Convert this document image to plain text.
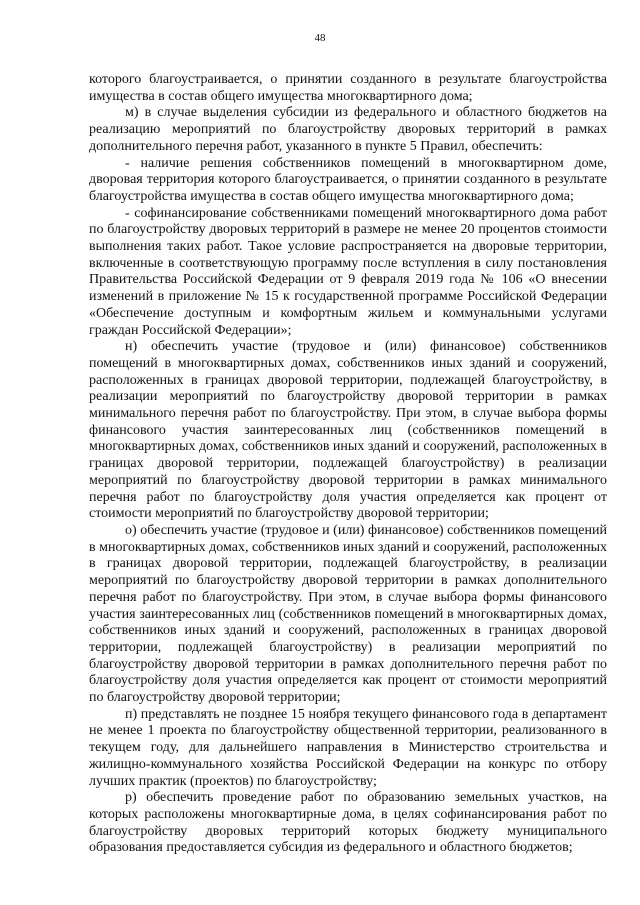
48

которого благоустраивается, о принятии созданного в результате благоустройства имущества в состав общего имущества многоквартирного дома;

м) в случае выделения субсидии из федерального и областного бюджетов на реализацию мероприятий по благоустройству дворовых территорий в рамках дополнительного перечня работ, указанного в пункте 5 Правил, обеспечить:

- наличие решения собственников помещений в многоквартирном доме, дворовая территория которого благоустраивается, о принятии созданного в результате благоустройства имущества в состав общего имущества многоквартирного дома;

- софинансирование собственниками помещений многоквартирного дома работ по благоустройству дворовых территорий в размере не менее 20 процентов стоимости выполнения таких работ. Такое условие распространяется на дворовые территории, включенные в соответствующую программу после вступления в силу постановления Правительства Российской Федерации от 9 февраля 2019 года № 106 «О внесении изменений в приложение № 15 к государственной программе Российской Федерации «Обеспечение доступным и комфортным жильем и коммунальными услугами граждан Российской Федерации»;

н) обеспечить участие (трудовое и (или) финансовое) собственников помещений в многоквартирных домах, собственников иных зданий и сооружений, расположенных в границах дворовой территории, подлежащей благоустройству, в реализации мероприятий по благоустройству дворовой территории в рамках минимального перечня работ по благоустройству. При этом, в случае выбора формы финансового участия заинтересованных лиц (собственников помещений в многоквартирных домах, собственников иных зданий и сооружений, расположенных в границах дворовой территории, подлежащей благоустройству) в реализации мероприятий по благоустройству дворовой территории в рамках минимального перечня работ по благоустройству доля участия определяется как процент от стоимости мероприятий по благоустройству дворовой территории;

о) обеспечить участие (трудовое и (или) финансовое) собственников помещений в многоквартирных домах, собственников иных зданий и сооружений, расположенных в границах дворовой территории, подлежащей благоустройству, в реализации мероприятий по благоустройству дворовой территории в рамках дополнительного перечня работ по благоустройству. При этом, в случае выбора формы финансового участия заинтересованных лиц (собственников помещений в многоквартирных домах, собственников иных зданий и сооружений, расположенных в границах дворовой территории, подлежащей благоустройству) в реализации мероприятий по благоустройству дворовой территории в рамках дополнительного перечня работ по благоустройству доля участия определяется как процент от стоимости мероприятий по благоустройству дворовой территории;

п) представлять не позднее 15 ноября текущего финансового года в департамент не менее 1 проекта по благоустройству общественной территории, реализованного в текущем году, для дальнейшего направления в Министерство строительства и жилищно-коммунального хозяйства Российской Федерации на конкурс по отбору лучших практик (проектов) по благоустройству;

р) обеспечить проведение работ по образованию земельных участков, на которых расположены многоквартирные дома, в целях софинансирования работ по благоустройству дворовых территорий которых бюджету муниципального образования предоставляется субсидия из федерального и областного бюджетов;
